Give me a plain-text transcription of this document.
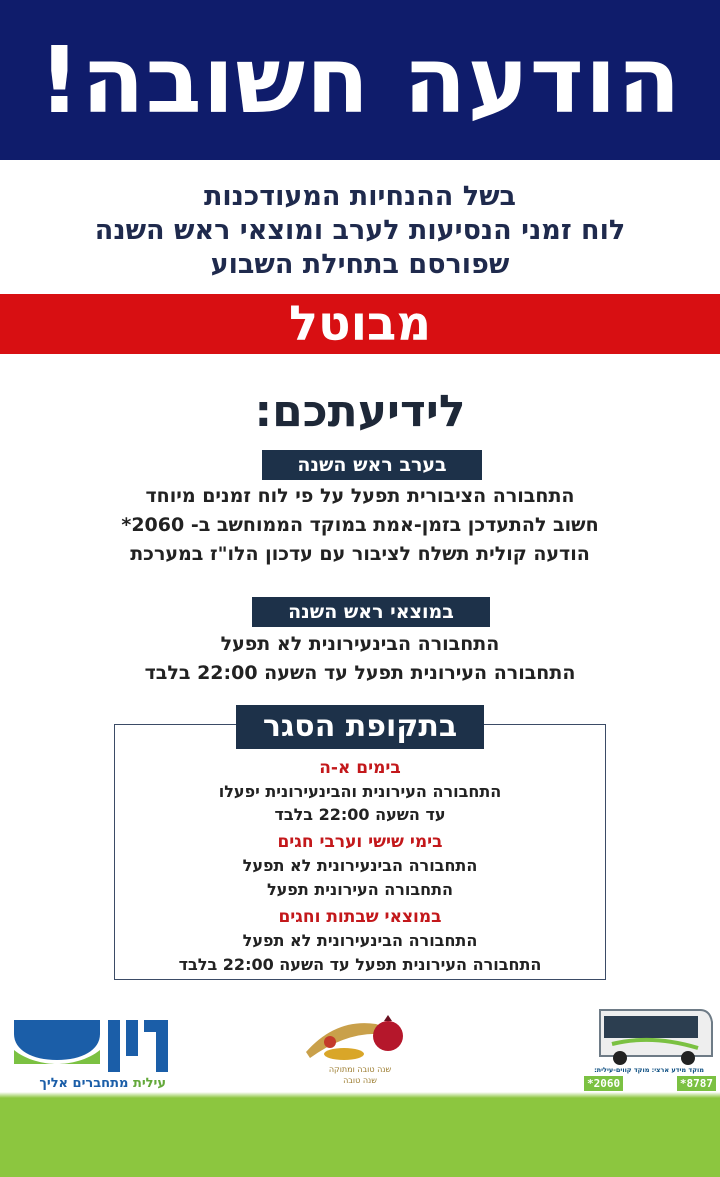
הודעה חשובה!
בשל ההנחיות המעודכנות
לוח זמני הנסיעות לערב ומוצאי ראש השנה
שפורסם בתחילת השבוע
מבוטל
לידיעתכם:
בערב ראש השנה
התחבורה הציבורית תפעל על פי לוח זמנים מיוחד
חשוב להתעדכן בזמן-אמת במוקד הממוחשב ב- 2060*
הודעה קולית תשלח לציבור עם עדכון הלו"ז במערכת
במוצאי ראש השנה
התחבורה הבינעירונית לא תפעל
התחבורה העירונית תפעל עד השעה 22:00 בלבד
בתקופת הסגר
בימים א-ה
התחבורה העירונית והבינעירונית יפעלו
עד השעה 22:00 בלבד
בימי שישי וערבי חגים
התחבורה הבינעירונית לא תפעל
התחבורה העירונית תפעל
במוצאי שבתות וחגים
התחבורה הבינעירונית לא תפעל
התחבורה העירונית תפעל עד השעה 22:00 בלבד
עילית מתחברים אליך
שנה טובה ומתוקה
שנה טובה
מוקד מידע ארצי: מוקד קווים-עילית:
*2060	*8787
